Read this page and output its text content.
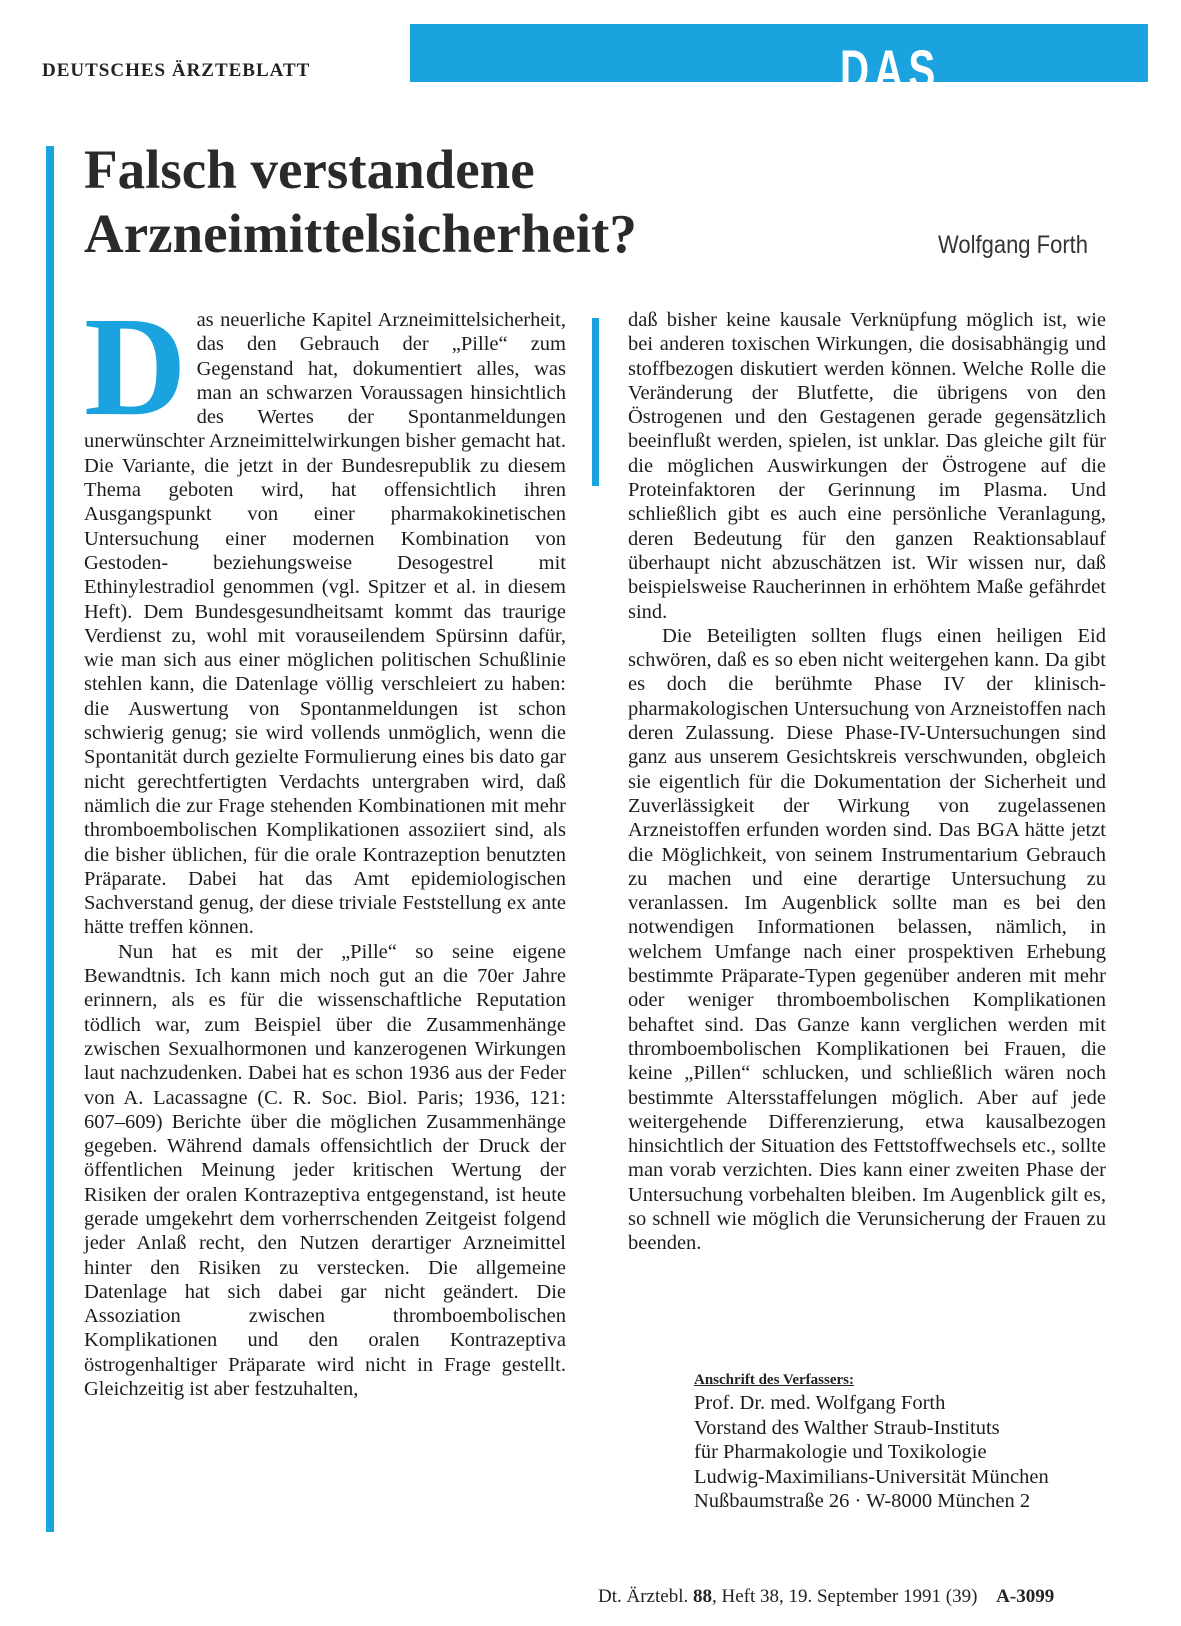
DEUTSCHES ÄRZTEBLATT	DAS EDITORIAL
Falsch verstandene
Arzneimittelsicherheit?	Wolfgang Forth

Das neuerliche Kapitel Arzneimittelsicherheit, das den Gebrauch der „Pille“ zum Gegenstand hat, dokumentiert alles, was man an schwarzen Voraussagen hinsichtlich des Wertes der Spontanmeldungen unerwünschter Arzneimittelwirkungen bisher gemacht hat. Die Variante, die jetzt in der Bundesrepublik zu diesem Thema geboten wird, hat offensichtlich ihren Ausgangspunkt von einer pharmakokinetischen Untersuchung einer modernen Kombination von Gestoden- beziehungsweise Desogestrel mit Ethinylestradiol genommen (vgl. Spitzer et al. in diesem Heft). Dem Bundesgesundheitsamt kommt das traurige Verdienst zu, wohl mit vorauseilendem Spürsinn dafür, wie man sich aus einer möglichen politischen Schußlinie stehlen kann, die Datenlage völlig verschleiert zu haben: die Auswertung von Spontanmeldungen ist schon schwierig genug; sie wird vollends unmöglich, wenn die Spontanität durch gezielte Formulierung eines bis dato gar nicht gerechtfertigten Verdachts untergraben wird, daß nämlich die zur Frage stehenden Kombinationen mit mehr thromboembolischen Komplikationen assoziiert sind, als die bisher üblichen, für die orale Kontrazeption benutzten Präparate. Dabei hat das Amt epidemiologischen Sachverstand genug, der diese triviale Feststellung ex ante hätte treffen können.

Nun hat es mit der „Pille“ so seine eigene Bewandtnis. Ich kann mich noch gut an die 70er Jahre erinnern, als es für die wissenschaftliche Reputation tödlich war, zum Beispiel über die Zusammenhänge zwischen Sexualhormonen und kanzerogenen Wirkungen laut nachzudenken. Dabei hat es schon 1936 aus der Feder von A. Lacassagne (C. R. Soc. Biol. Paris; 1936, 121: 607–609) Berichte über die möglichen Zusammenhänge gegeben. Während damals offensichtlich der Druck der öffentlichen Meinung jeder kritischen Wertung der Risiken der oralen Kontrazeptiva entgegenstand, ist heute gerade umgekehrt dem vorherrschenden Zeitgeist folgend jeder Anlaß recht, den Nutzen derartiger Arzneimittel hinter den Risiken zu verstecken. Die allgemeine Datenlage hat sich dabei gar nicht geändert. Die Assoziation zwischen thromboembolischen Komplikationen und den oralen Kontrazeptiva östrogenhaltiger Präparate wird nicht in Frage gestellt. Gleichzeitig ist aber festzuhalten,

daß bisher keine kausale Verknüpfung möglich ist, wie bei anderen toxischen Wirkungen, die dosisabhängig und stoffbezogen diskutiert werden können. Welche Rolle die Veränderung der Blutfette, die übrigens von den Östrogenen und den Gestagenen gerade gegensätzlich beeinflußt werden, spielen, ist unklar. Das gleiche gilt für die möglichen Auswirkungen der Östrogene auf die Proteinfaktoren der Gerinnung im Plasma. Und schließlich gibt es auch eine persönliche Veranlagung, deren Bedeutung für den ganzen Reaktionsablauf überhaupt nicht abzuschätzen ist. Wir wissen nur, daß beispielsweise Raucherinnen in erhöhtem Maße gefährdet sind.

Die Beteiligten sollten flugs einen heiligen Eid schwören, daß es so eben nicht weitergehen kann. Da gibt es doch die berühmte Phase IV der klinisch-pharmakologischen Untersuchung von Arzneistoffen nach deren Zulassung. Diese Phase-IV-Untersuchungen sind ganz aus unserem Gesichtskreis verschwunden, obgleich sie eigentlich für die Dokumentation der Sicherheit und Zuverlässigkeit der Wirkung von zugelassenen Arzneistoffen erfunden worden sind. Das BGA hätte jetzt die Möglichkeit, von seinem Instrumentarium Gebrauch zu machen und eine derartige Untersuchung zu veranlassen. Im Augenblick sollte man es bei den notwendigen Informationen belassen, nämlich, in welchem Umfange nach einer prospektiven Erhebung bestimmte Präparate-Typen gegenüber anderen mit mehr oder weniger thromboembolischen Komplikationen behaftet sind. Das Ganze kann verglichen werden mit thromboembolischen Komplikationen bei Frauen, die keine „Pillen“ schlucken, und schließlich wären noch bestimmte Altersstaffelungen möglich. Aber auf jede weitergehende Differenzierung, etwa kausalbezogen hinsichtlich der Situation des Fettstoffwechsels etc., sollte man vorab verzichten. Dies kann einer zweiten Phase der Untersuchung vorbehalten bleiben. Im Augenblick gilt es, so schnell wie möglich die Verunsicherung der Frauen zu beenden.

Anschrift des Verfassers:
Prof. Dr. med. Wolfgang Forth
Vorstand des Walther Straub-Instituts
für Pharmakologie und Toxikologie
Ludwig-Maximilians-Universität München
Nußbaumstraße 26 · W-8000 München 2
Dt. Ärztebl. 88, Heft 38, 19. September 1991 (39) A-3099
